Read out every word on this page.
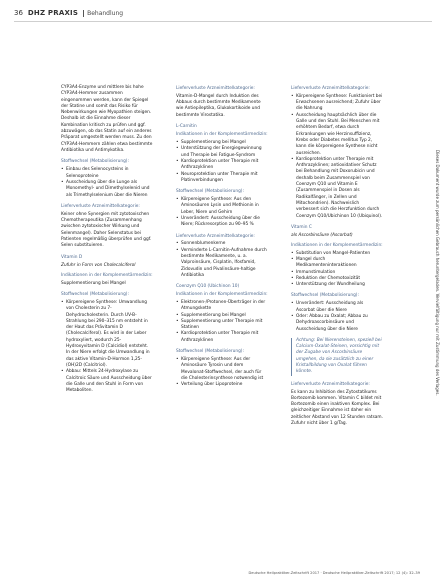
36 DHZ PRAXIS	Behandlung

CYP3A4-Enzyme und mittlere bis hohe CYP3A4-Hemmer zusammen eingenommen werden, kann der Spiegel der Statine und somit das Risiko für Nebenwirkungen wie Myopathien steigen. Deshalb ist die Einnahme dieser Kombination kritisch zu prüfen und ggf. abzuwägen, ob das Statin auf ein anderes Präparat umgestellt werden muss. Zu den CYP3A4-Hemmern zählen etwa bestimmte Antibiotika und Antimykotika.

Stoffwechsel (Metabolisierung):
• Einbau des Selenocysteins in Selenoproteine
• Ausscheidung über die Lunge als Monomethyl- und Dimethylselenid und als Trimethylselenium über die Nieren
Lieferverluste Arzneimittelkategorie:

Keiner ohne Synergien mit zytotoxischen Chemotherapeutika (Zusammenhang zwischen zytotoxischer Wirkung und Selenmangel). Daher Selenstatus bei Patienten regelmäßig überprüfen und ggf. Selen substituieren.

Vitamin D

Zufuhr in Form von Cholecalciferol

Indikationen in der Komplementärmedizin:

Supplementierung bei Mangel

Stoffwechsel (Metabolisierung):
• Körpereigene Synthese: Umwandlung von Cholesterin zu 7-Dehydrocholesterin. Durch UV-B-Strahlung bei 290–315 nm entsteht in der Haut das Prävitamin D (Cholecalciferol). Es wird in der Leber hydroxyliert, wodurch 25-Hydroxyvitamin D (Calcidiol) entsteht. In der Niere erfolgt die Umwandlung in das aktive Vitamin-D-Hormon 1,25-(OH)2D (Calcitriol).
• Abbau: Mittels 24-Hydroxylase zu Calcitroic Säure und Ausscheidung über die Galle und den Stuhl in Form von Metaboliten.
Lieferverluste Arzneimittelkategorie:

Vitamin-D-Mangel durch Induktion des Abbaus durch bestimmte Medikamente wie Antiepileptika, Glukokortikoide und bestimmte Virostatika.

L-Carnitin
Indikationen in der Komplementärmedizin:
• Supplementierung bei Mangel
• Unterstützung der Energiegewinnung und Therapie bei Fatigue-Syndrom
• Kardioprotektion unter Therapie mit Anthrazyklinen
• Neuroprotektion unter Therapie mit Platinverbindungen
Stoffwechsel (Metabolisierung):
• Körpereigene Synthese: Aus den Aminosäuren Lysin und Methionin in Leber, Niere und Gehirn
• Unverändert: Ausscheidung über die Niere; Rückresorption zu 90–95 %
Lieferverluste Arzneimittelkategorie:
• Sonnenblumenkerne
• Verminderte L-Carnitin-Aufnahme durch bestimmte Medikamente, u. a. Valproinsäure, Cisplatin, Ifosfamid, Zidovudin und Pivalinsäure-haltige Antibiotika
Coenzym Q10 (Ubichinon 10)
Indikationen in der Komplementärmedizin:
• Elektronen-/Protonen-Überträger in der Atmungskette
• Supplementierung bei Mangel
• Supplementierung unter Therapie mit Statinen
• Kardioprotektion unter Therapie mit Anthrazyklinen
Stoffwechsel (Metabolisierung):
• Körpereigene Synthese: Aus der Aminosäure Tyrosin und dem Mevalonat-Stoffwechsel, der auch für die Cholesterinsynthese notwendig ist
• Verteilung über Lipoproteine
Lieferverluste Arzneimittelkategorie:
• Körpereigene Synthese: Funktioniert bei Erwachsenen ausreichend; Zufuhr über die Nahrung
• Ausscheidung hauptsächlich über die Galle und den Stuhl. Bei Menschen mit erhöhtem Bedarf, etwa durch Erkrankungen wie Herzinsuffizienz, Krebs oder Diabetes mellitus Typ 2, kann die körpereigene Synthese nicht ausreichen.
• Kardioprotektion unter Therapie mit Anthrazyklinen; antioxidativer Schutz bei Behandlung mit Doxorubicin und deshalb beim Zusammenspiel von Coenzym Q10 und Vitamin E (Zusammenspiel in Dosen als Radikalfänger, in Zellen und Mitochondrien). Nachweislich verbessert sich die Herzfunktion durch Coenzym Q10/Ubichinon 10 (Ubiquinol).
Vitamin C

als Ascorbinsäure (Ascorbat)

Indikationen in der Komplementärmedizin:
• Substitution von Mangel-Patienten
• Mangel durch Medikamenteninteraktionen
• Immunstimulation
• Reduktion der Chemotoxizität
• Unterstützung der Wundheilung
Stoffwechsel (Metabolisierung):
• Unverändert: Ausscheidung als Ascorbat über die Niere
• Oder: Abbau zu Oxalat; Abbau zu Dehydroascorbinsäure und Ausscheidung über die Niere
Achtung: Bei Nierensteinen, speziell bei Calcium-Oxalat-Steinen, vorsichtig mit der Zugabe von Ascorbinsäure umgehen, da sie zusätzlich zu einer Kristallbildung von Oxalat führen könnte.
Lieferverluste Arzneimittelkategorie:

Es kann zu Inhibition des Zytostatikums Bortezomib kommen. Vitamin C bildet mit Bortezomib einen inaktiven Komplex. Bei gleichzeitiger Einnahme ist daher ein zeitlicher Abstand von 12 Stunden ratsam. Zufuhr nicht über 1 g/Tag.

Dieses Dokument wurde zum persönlichen Gebrauch heruntergeladen. Vervielfältigung nur mit Zustimmung des Verlages.
Deutsche Heilpraktiker-Zeitschrift 2017 · Deutsche Heilpraktiker-Zeitschrift 2017; 12 (4): 32–39
